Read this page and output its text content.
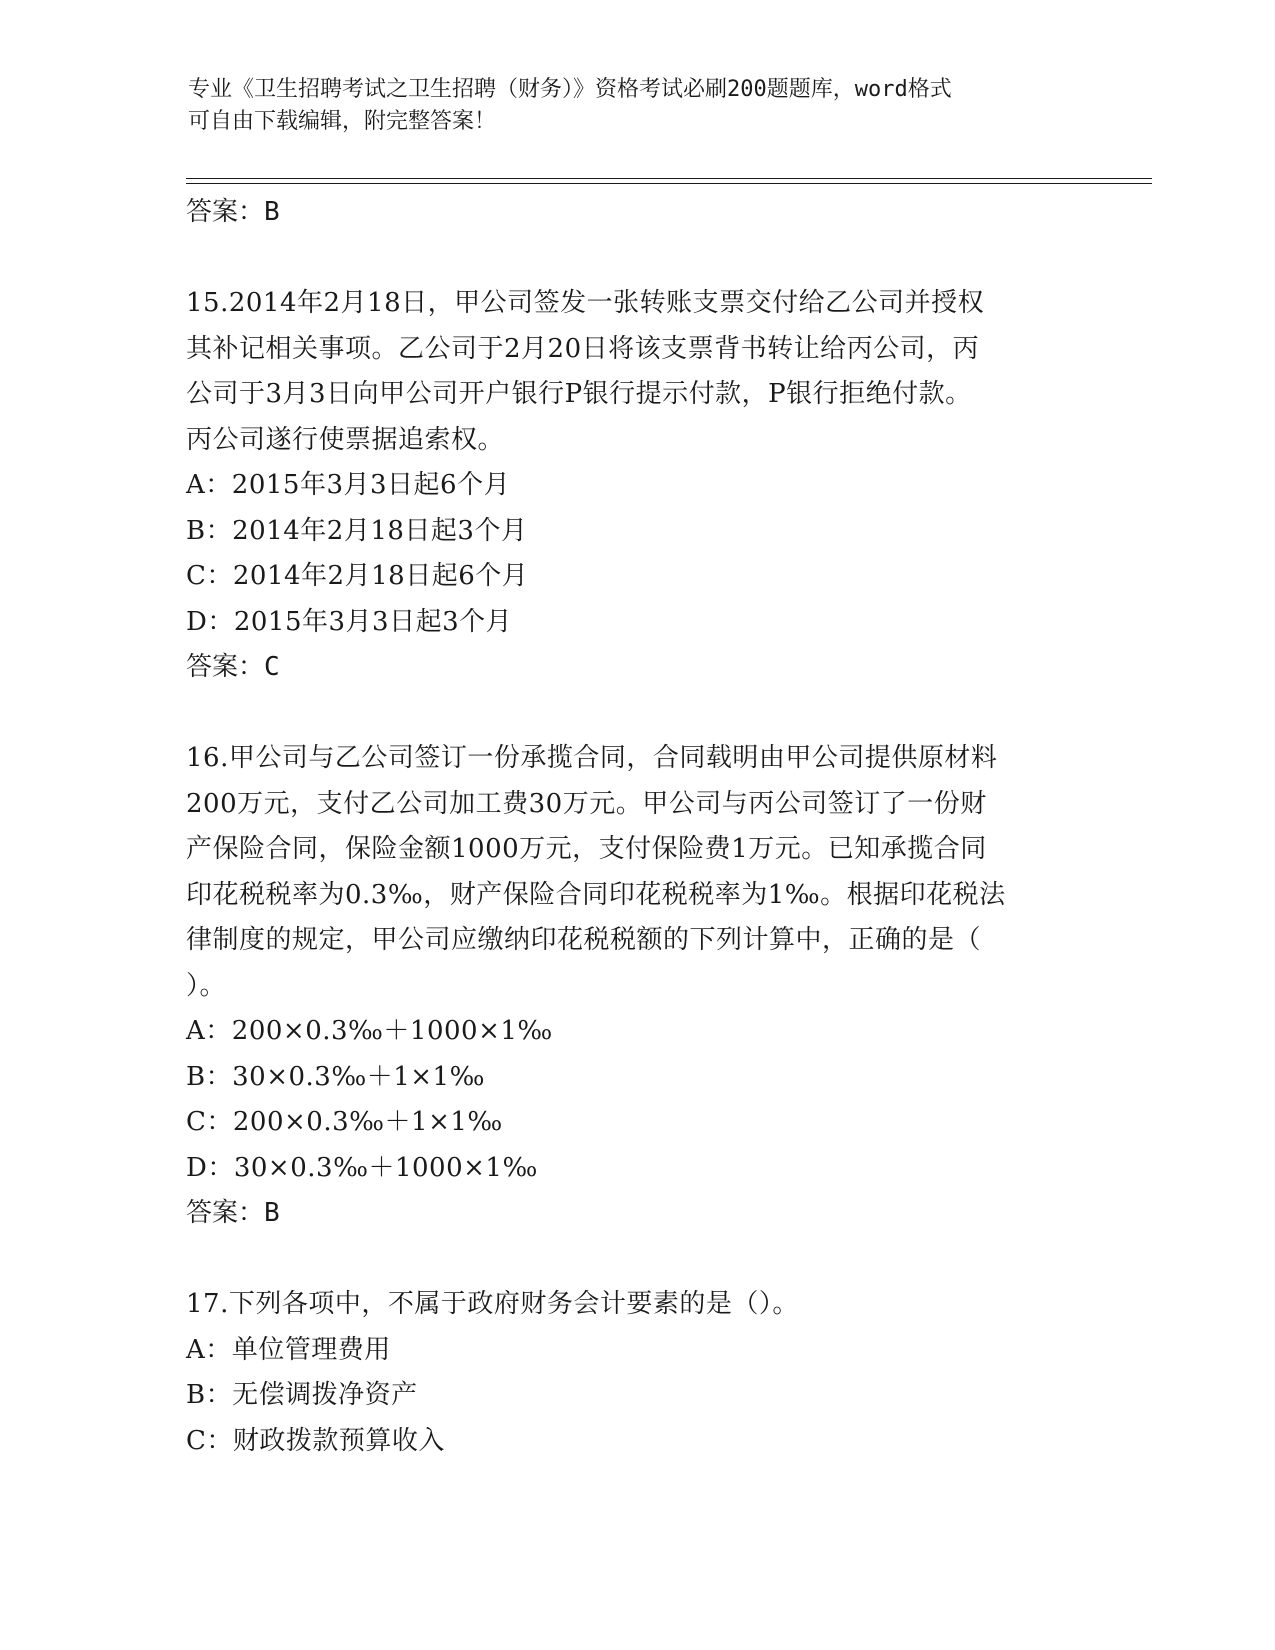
专业《卫生招聘考试之卫生招聘（财务）》资格考试必刷200题题库，word格式
可自由下载编辑，附完整答案！
答案：B
15.2014年2月18日，甲公司签发一张转账支票交付给乙公司并授权
其补记相关事项。乙公司于2月20日将该支票背书转让给丙公司，丙
公司于3月3日向甲公司开户银行P银行提示付款，P银行拒绝付款。
丙公司遂行使票据追索权。
A：2015年3月3日起6个月
B：2014年2月18日起3个月
C：2014年2月18日起6个月
D：2015年3月3日起3个月
答案：C
16.甲公司与乙公司签订一份承揽合同，合同载明由甲公司提供原材料
200万元，支付乙公司加工费30万元。甲公司与丙公司签订了一份财
产保险合同，保险金额1000万元，支付保险费1万元。已知承揽合同
印花税税率为0.3‰，财产保险合同印花税税率为1‰。根据印花税法
律制度的规定，甲公司应缴纳印花税税额的下列计算中，正确的是（
）。
A：200×0.3‰＋1000×1‰
B：30×0.3‰＋1×1‰
C：200×0.3‰＋1×1‰
D：30×0.3‰＋1000×1‰
答案：B
17.下列各项中，不属于政府财务会计要素的是（）。
A：单位管理费用
B：无偿调拨净资产
C：财政拨款预算收入
